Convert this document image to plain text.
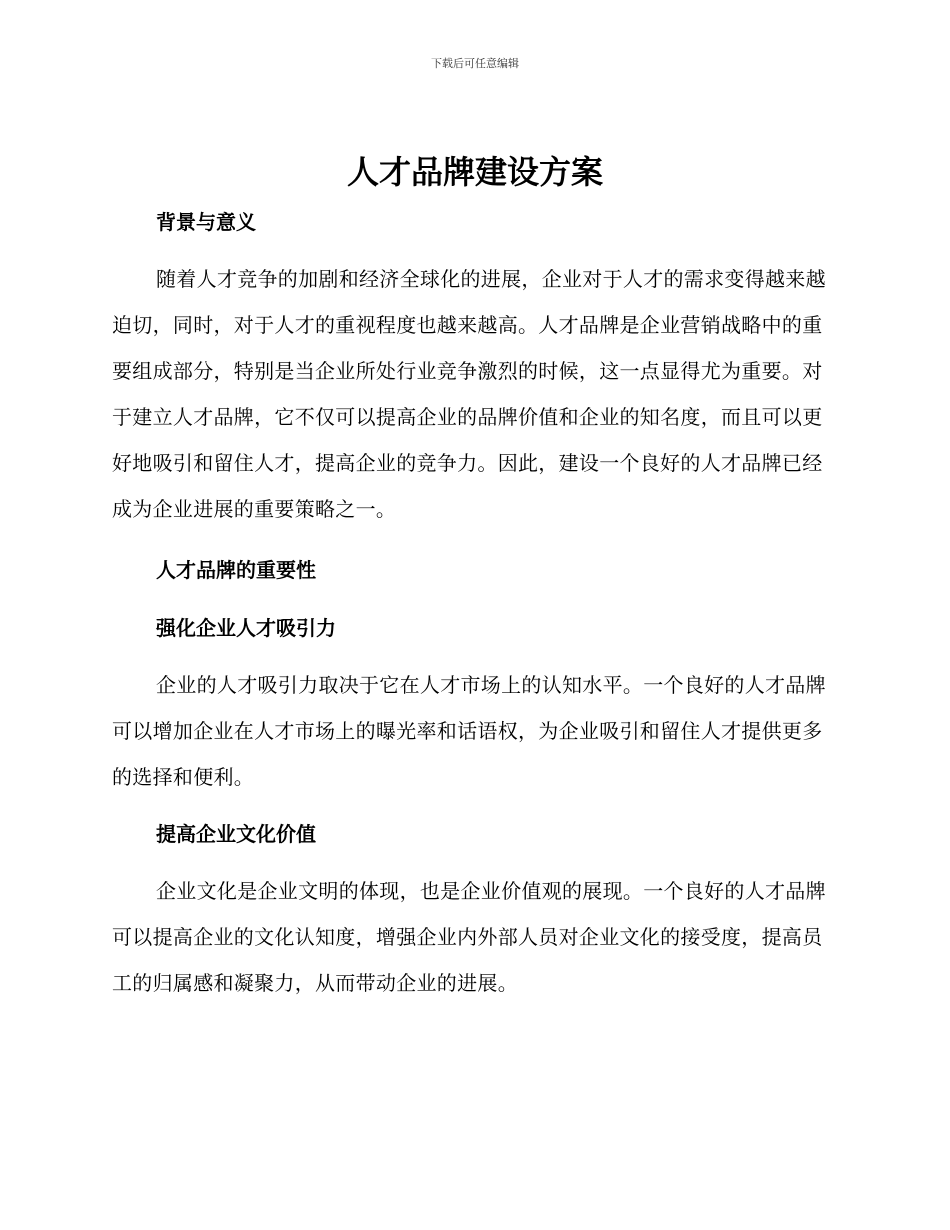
下载后可任意编辑
人才品牌建设方案

背景与意义

随着人才竞争的加剧和经济全球化的进展，企业对于人才的需求变得越来越迫切，同时，对于人才的重视程度也越来越高。人才品牌是企业营销战略中的重要组成部分，特别是当企业所处行业竞争激烈的时候，这一点显得尤为重要。对于建立人才品牌，它不仅可以提高企业的品牌价值和企业的知名度，而且可以更好地吸引和留住人才，提高企业的竞争力。因此，建设一个良好的人才品牌已经成为企业进展的重要策略之一。

人才品牌的重要性

强化企业人才吸引力

企业的人才吸引力取决于它在人才市场上的认知水平。一个良好的人才品牌可以增加企业在人才市场上的曝光率和话语权，为企业吸引和留住人才提供更多的选择和便利。

提高企业文化价值

企业文化是企业文明的体现，也是企业价值观的展现。一个良好的人才品牌可以提高企业的文化认知度，增强企业内外部人员对企业文化的接受度，提高员工的归属感和凝聚力，从而带动企业的进展。
